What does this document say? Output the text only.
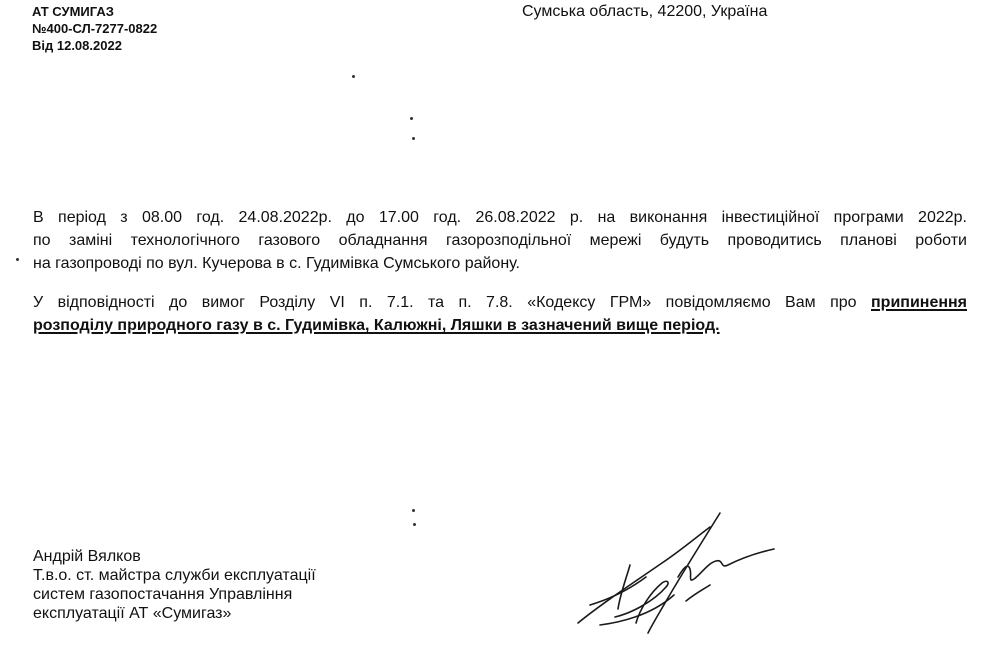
АТ СУМИГАЗ
№400-СЛ-7277-0822
Від 12.08.2022
Сумська область, 42200, Україна
В період з 08.00 год. 24.08.2022р. до 17.00 год. 26.08.2022 р. на виконання інвестиційної програми 2022р.
по заміні технологічного газового обладнання газорозподільної мережі будуть проводитись планові роботи
на газопроводі по вул. Кучерова в с. Гудимівка Сумського району.
У відповідності до вимог Розділу VI п. 7.1. та п. 7.8. «Кодексу ГРМ» повідомляємо Вам про припинення
розподілу природного газу в с. Гудимівка, Калюжні, Ляшки в зазначений вище період.
Андрій Вялков
Т.в.о. ст. майстра служби експлуатації
систем газопостачання Управління
експлуатації АТ «Сумигаз»
